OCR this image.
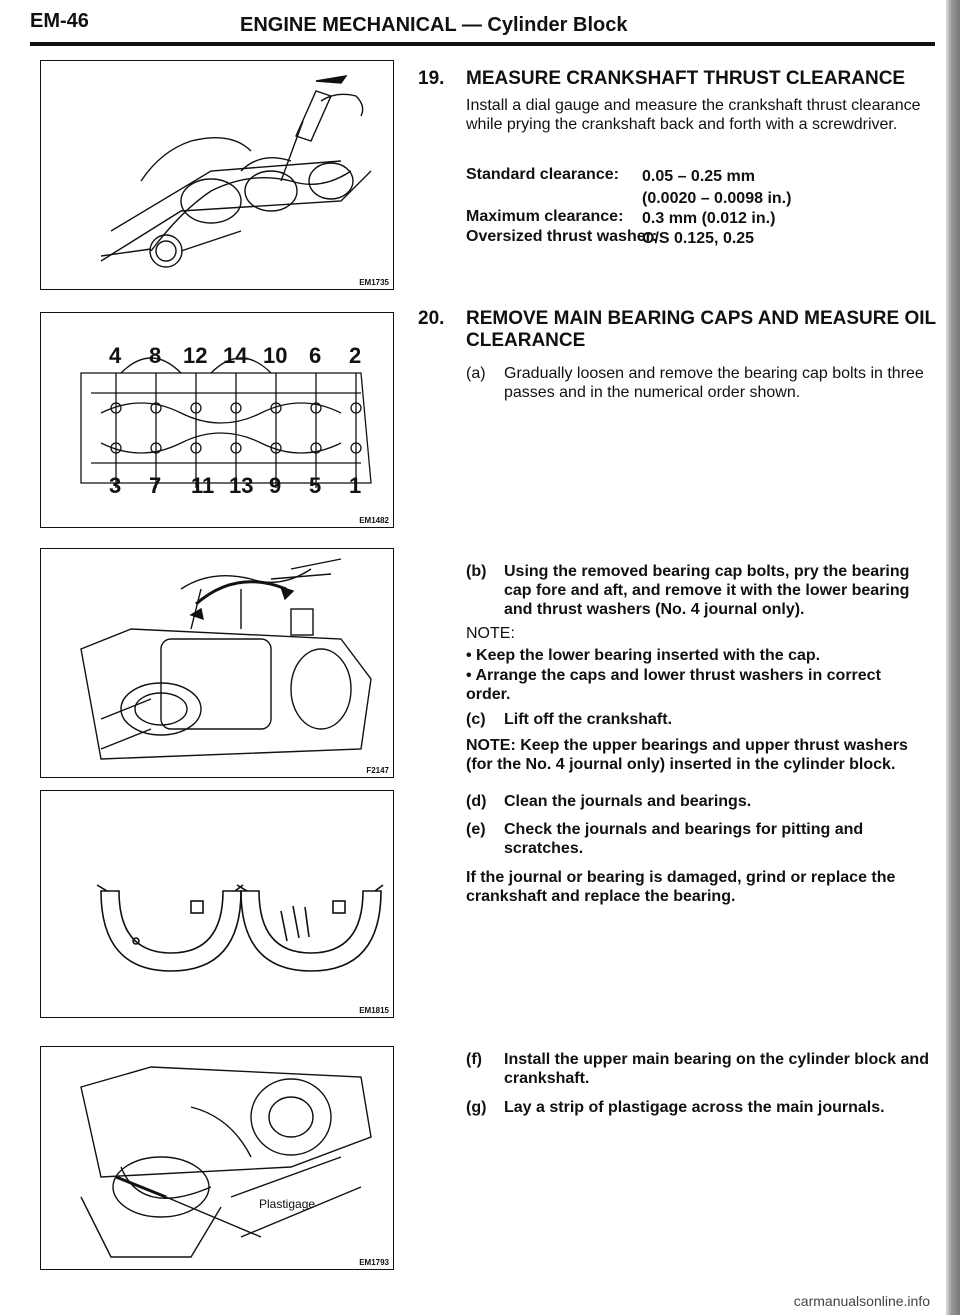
EM-46	ENGINE MECHANICAL — Cylinder Block
EM1735
4 8 12 14 10 6 2
3 7 11 13 9 5 1
EM1482
F2147
EM1815
Plastigage
EM1793
19. MEASURE CRANKSHAFT THRUST CLEARANCE
Install a dial gauge and measure the crankshaft thrust clearance while prying the crankshaft back and forth with a screwdriver.
Standard clearance: 0.05 – 0.25 mm
(0.0020 – 0.0098 in.)
Maximum clearance: 0.3 mm (0.012 in.)
Oversized thrust washer:
O/S 0.125, 0.25
20. REMOVE MAIN BEARING CAPS AND MEASURE OIL
CLEARANCE
(a) Gradually loosen and remove the bearing cap bolts in three passes and in the numerical order shown.
(b) Using the removed bearing cap bolts, pry the bearing cap fore and aft, and remove it with the lower bearing and thrust washers (No. 4 journal only).
NOTE:
• Keep the lower bearing inserted with the cap.
• Arrange the caps and lower thrust washers in correct order.
(c) Lift off the crankshaft.
NOTE: Keep the upper bearings and upper thrust washers (for the No. 4 journal only) inserted in the cylinder block.
(d) Clean the journals and bearings.
(e) Check the journals and bearings for pitting and scratches.
If the journal or bearing is damaged, grind or replace the crankshaft and replace the bearing.
(f) Install the upper main bearing on the cylinder block and crankshaft.
(g) Lay a strip of plastigage across the main journals.
carmanualsonline.info
